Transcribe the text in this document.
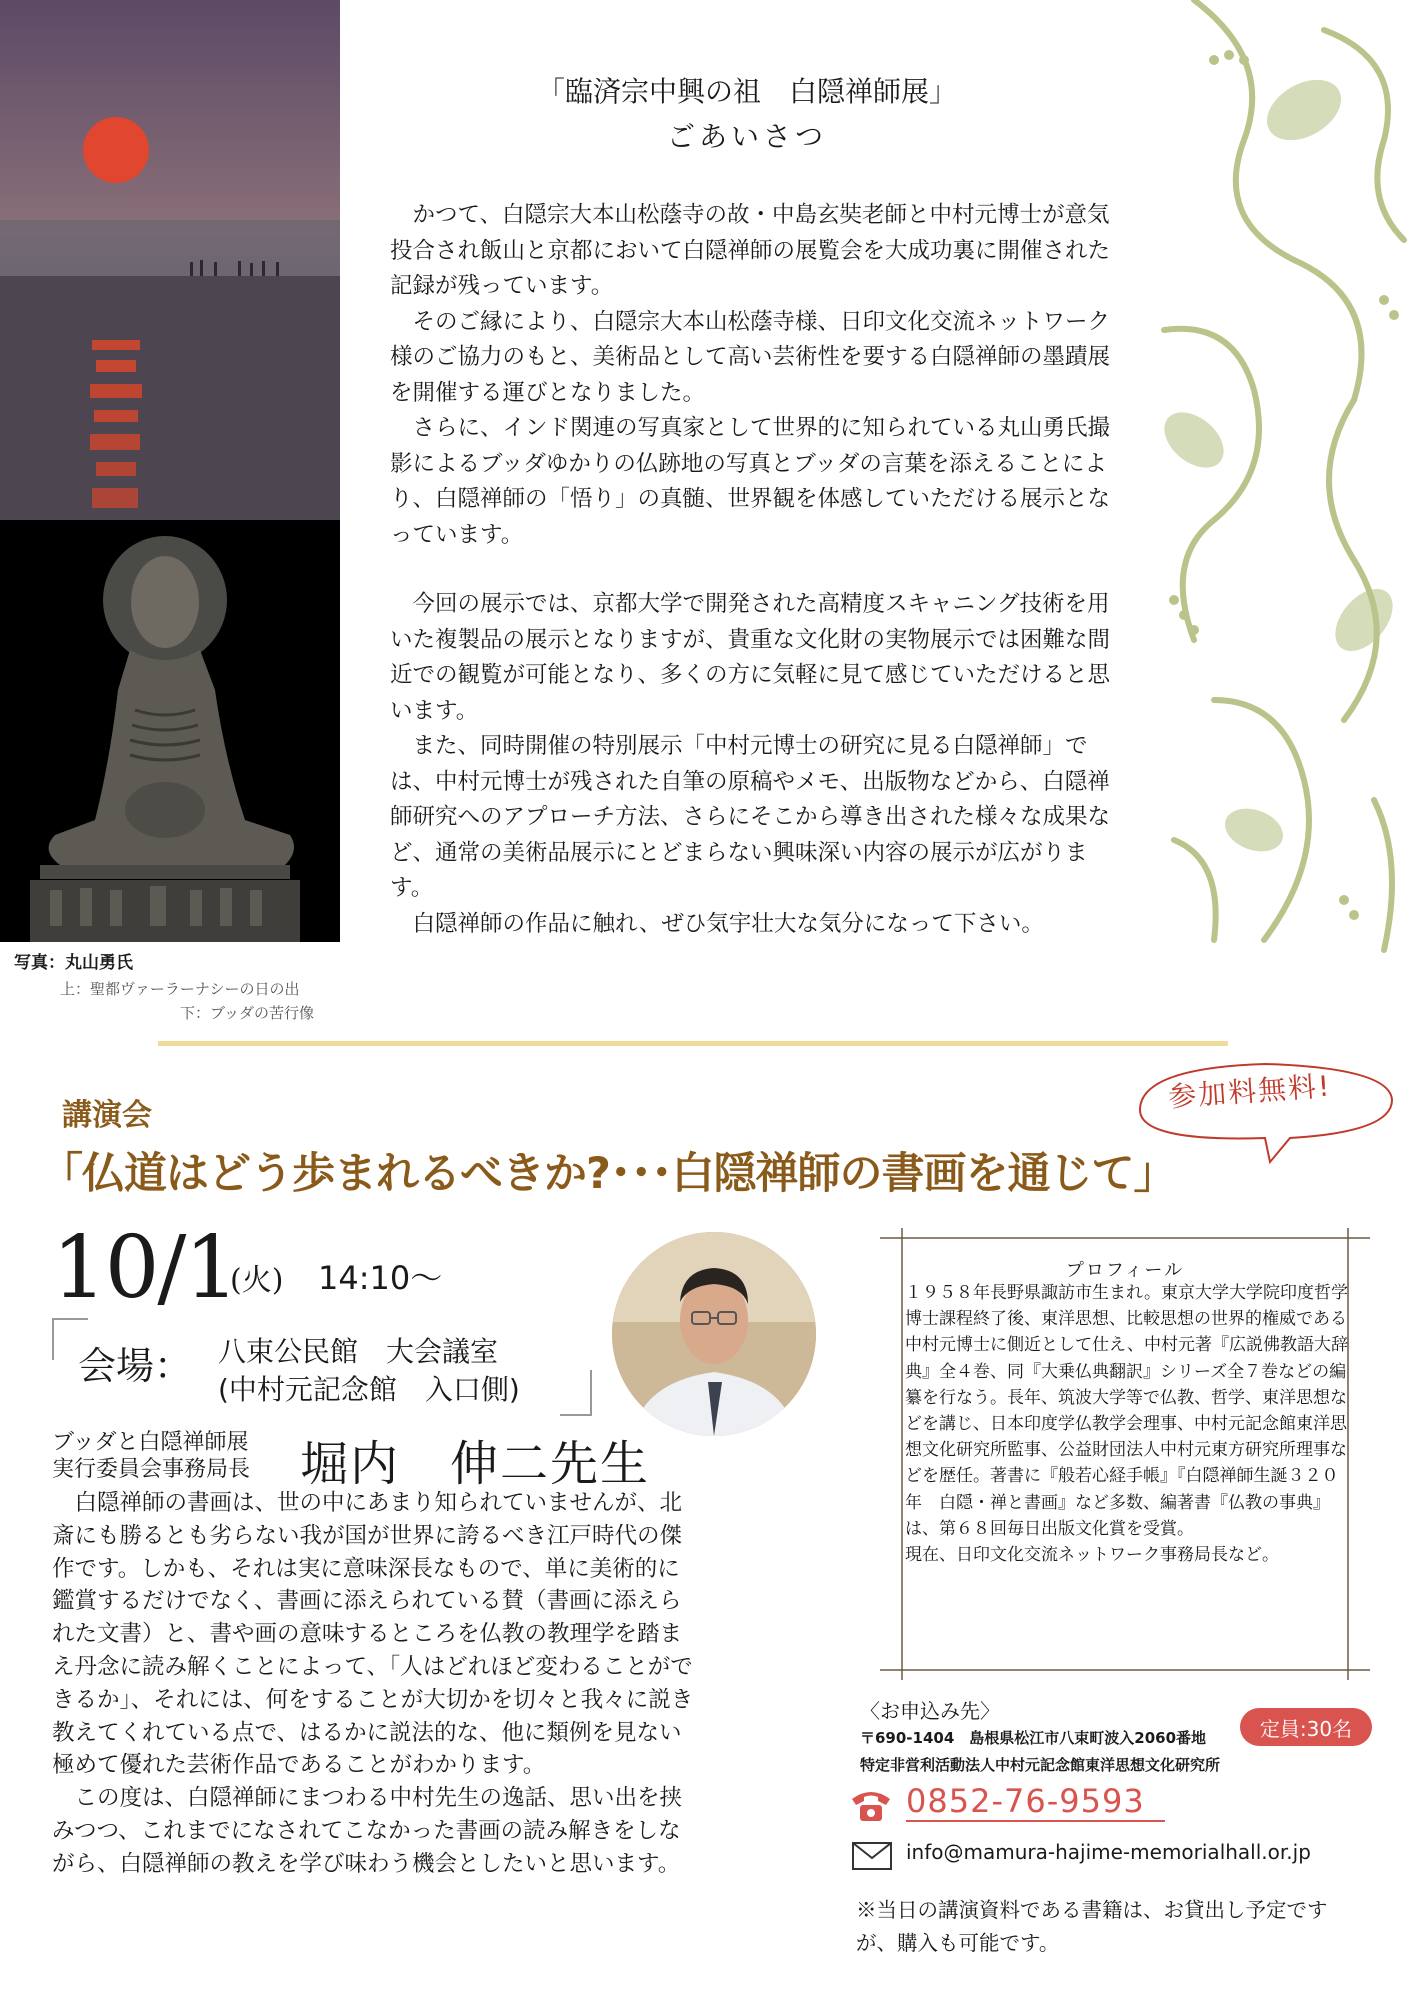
写真：丸山勇氏
上：聖都ヴァーラーナシーの日の出
下：ブッダの苦行像
「臨済宗中興の祖　白隠禅師展」
ごあいさつ

かつて、白隠宗大本山松蔭寺の故・中島玄奘老師と中村元博士が意気投合され飯山と京都において白隠禅師の展覧会を大成功裏に開催された記録が残っています。

そのご縁により、白隠宗大本山松蔭寺様、日印文化交流ネットワーク様のご協力のもと、美術品として高い芸術性を要する白隠禅師の墨蹟展を開催する運びとなりました。

さらに、インド関連の写真家として世界的に知られている丸山勇氏撮影によるブッダゆかりの仏跡地の写真とブッダの言葉を添えることにより、白隠禅師の「悟り」の真髄、世界観を体感していただける展示となっています。

今回の展示では、京都大学で開発された高精度スキャニング技術を用いた複製品の展示となりますが、貴重な文化財の実物展示では困難な間近での観覧が可能となり、多くの方に気軽に見て感じていただけると思います。

また、同時開催の特別展示「中村元博士の研究に見る白隠禅師」では、中村元博士が残された自筆の原稿やメモ、出版物などから、白隠禅師研究へのアプローチ方法、さらにそこから導き出された様々な成果など、通常の美術品展示にとどまらない興味深い内容の展示が広がります。

白隠禅師の作品に触れ、ぜひ気宇壮大な気分になって下さい。

講演会
「仏道はどう歩まれるべきか?･･･白隠禅師の書画を通じて」
参加料無料!
10/1
(火) 14:10～
会場： 八束公民館　大会議室
(中村元記念館　入口側)
ブッダと白隠禅師展
実行委員会事務局長 堀内　伸二先生

白隠禅師の書画は、世の中にあまり知られていませんが、北斎にも勝るとも劣らない我が国が世界に誇るべき江戸時代の傑作です。しかも、それは実に意味深長なもので、単に美術的に鑑賞するだけでなく、書画に添えられている賛（書画に添えられた文書）と、書や画の意味するところを仏教の教理学を踏まえ丹念に読み解くことによって、「人はどれほど変わることができるか」、それには、何をすることが大切かを切々と我々に説き教えてくれている点で、はるかに説法的な、他に類例を見ない極めて優れた芸術作品であることがわかります。

この度は、白隠禅師にまつわる中村先生の逸話、思い出を挟みつつ、これまでになされてこなかった書画の読み解きをしながら、白隠禅師の教えを学び味わう機会としたいと思います。

プロフィール

１９５８年長野県諏訪市生まれ。東京大学大学院印度哲学博士課程終了後、東洋思想、比較思想の世界的権威である中村元博士に側近として仕え、中村元著『広説佛教語大辞典』全４巻、同『大乗仏典翻訳』シリーズ全７巻などの編纂を行なう。長年、筑波大学等で仏教、哲学、東洋思想などを講じ、日本印度学仏教学会理事、中村元記念館東洋思想文化研究所監事、公益財団法人中村元東方研究所理事などを歴任。著書に『般若心経手帳』『白隠禅師生誕３２０年　白隠・禅と書画』など多数、編著書『仏教の事典』は、第６８回毎日出版文化賞を受賞。

現在、日印文化交流ネットワーク事務局長など。

〈お申込み先〉
〒690-1404　島根県松江市八束町波入2060番地
特定非営利活動法人中村元記念館東洋思想文化研究所
定員:30名
0852-76-9593
info@mamura-hajime-memorialhall.or.jp
※当日の講演資料である書籍は、お貸出し予定ですが、購入も可能です。
